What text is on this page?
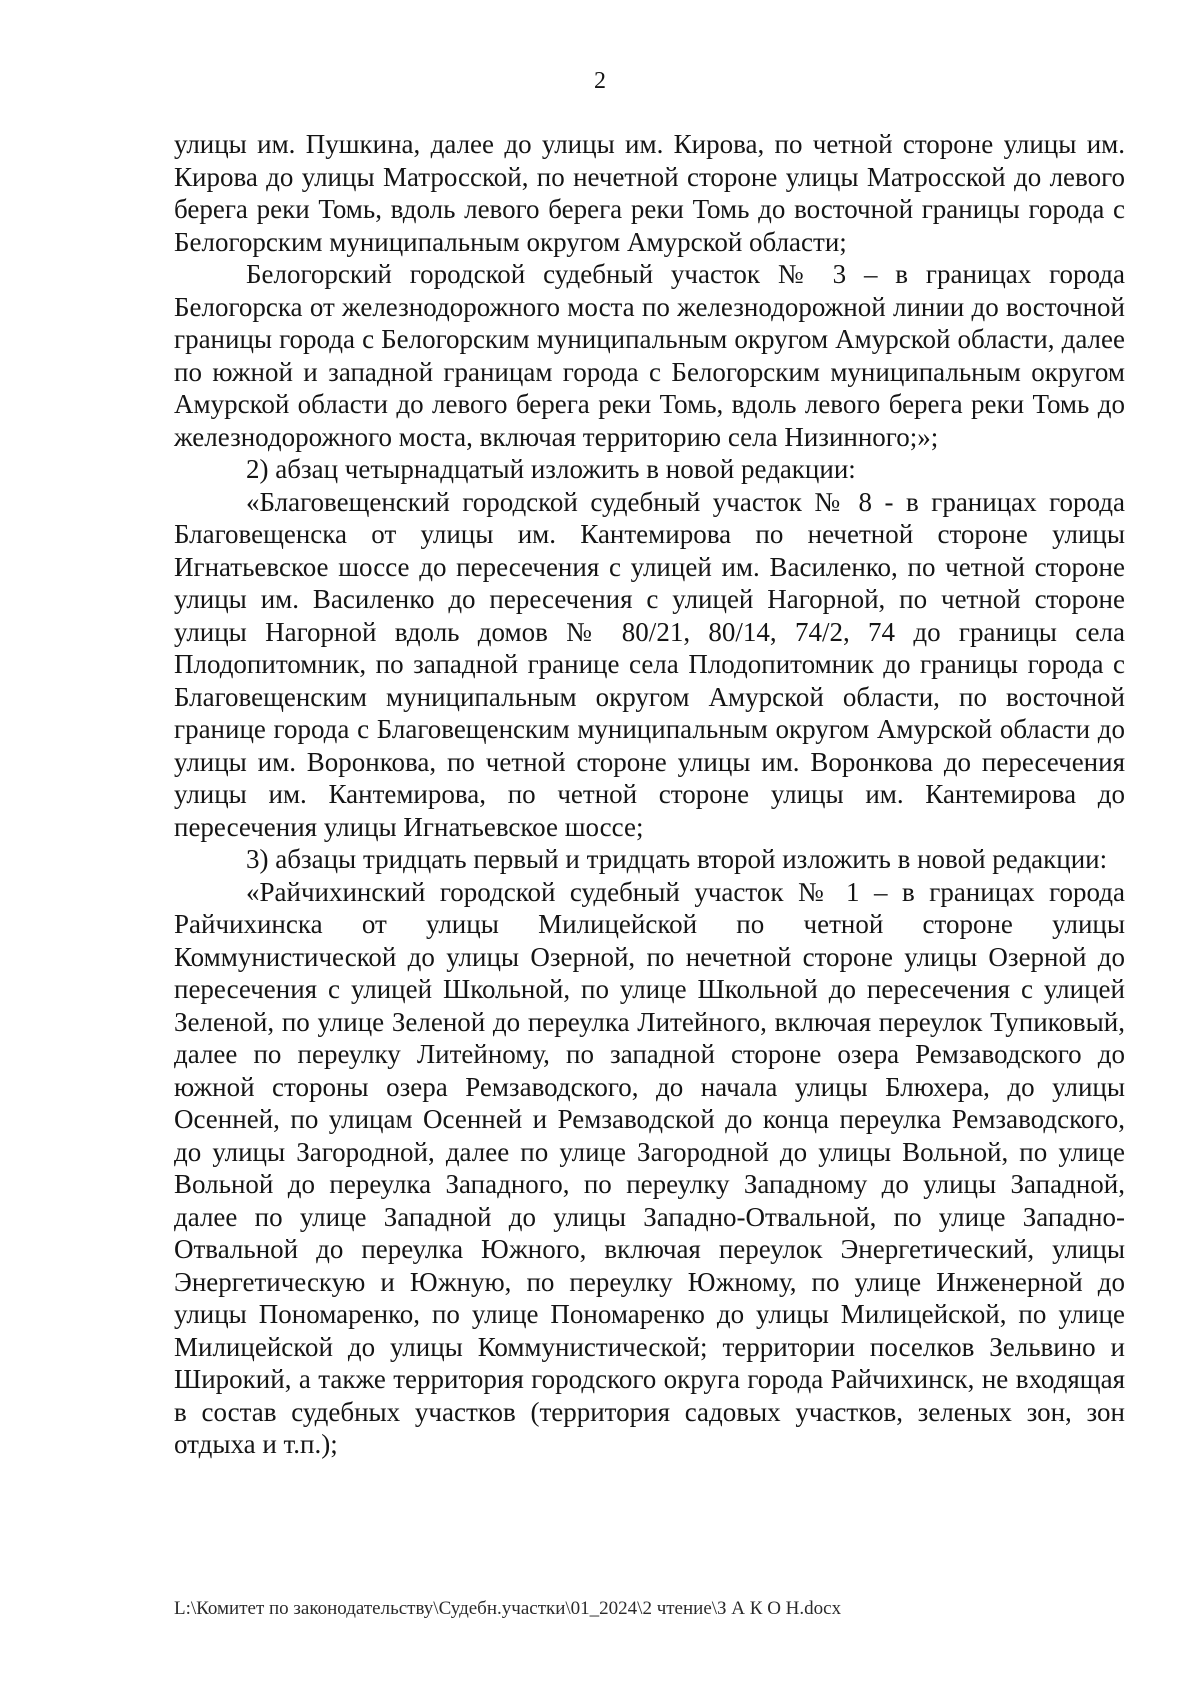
2

улицы им. Пушкина, далее до улицы им. Кирова, по четной стороне улицы им. Кирова до улицы Матросской, по нечетной стороне улицы Матросской до левого берега реки Томь, вдоль левого берега реки Томь до восточной границы города с Белогорским муниципальным округом Амурской области;

Белогорский городской судебный участок № 3 – в границах города Белогорска от железнодорожного моста по железнодорожной линии до восточной границы города с Белогорским муниципальным округом Амурской области, далее по южной и западной границам города с Белогорским муниципальным округом Амурской области до левого берега реки Томь, вдоль левого берега реки Томь до железнодорожного моста, включая территорию села Низинного;»;

2) абзац четырнадцатый изложить в новой редакции:

«Благовещенский городской судебный участок № 8 - в границах города Благовещенска от улицы им. Кантемирова по нечетной стороне улицы Игнатьевское шоссе до пересечения с улицей им. Василенко, по четной стороне улицы им. Василенко до пересечения с улицей Нагорной, по четной стороне улицы Нагорной вдоль домов № 80/21, 80/14, 74/2, 74 до границы села Плодопитомник, по западной границе села Плодопитомник до границы города с Благовещенским муниципальным округом Амурской области, по восточной границе города с Благовещенским муниципальным округом Амурской области до улицы им. Воронкова, по четной стороне улицы им. Воронкова до пересечения улицы им. Кантемирова, по четной стороне улицы им. Кантемирова до пересечения улицы Игнатьевское шоссе;

3) абзацы тридцать первый и тридцать второй изложить в новой редакции:

«Райчихинский городской судебный участок № 1 – в границах города Райчихинска от улицы Милицейской по четной стороне улицы Коммунистической до улицы Озерной, по нечетной стороне улицы Озерной до пересечения с улицей Школьной, по улице Школьной до пересечения с улицей Зеленой, по улице Зеленой до переулка Литейного, включая переулок Тупиковый, далее по переулку Литейному, по западной стороне озера Ремзаводского до южной стороны озера Ремзаводского, до начала улицы Блюхера, до улицы Осенней, по улицам Осенней и Ремзаводской до конца переулка Ремзаводского, до улицы Загородной, далее по улице Загородной до улицы Вольной, по улице Вольной до переулка Западного, по переулку Западному до улицы Западной, далее по улице Западной до улицы Западно-Отвальной, по улице Западно-Отвальной до переулка Южного, включая переулок Энергетический, улицы Энергетическую и Южную, по переулку Южному, по улице Инженерной до улицы Пономаренко, по улице Пономаренко до улицы Милицейской, по улице Милицейской до улицы Коммунистической; территории поселков Зельвино и Широкий, а также территория городского округа города Райчихинск, не входящая в состав судебных участков (территория садовых участков, зеленых зон, зон отдыха и т.п.);

L:\Комитет по законодательству\Судебн.участки\01_2024\2 чтение\З А К О Н.docx
